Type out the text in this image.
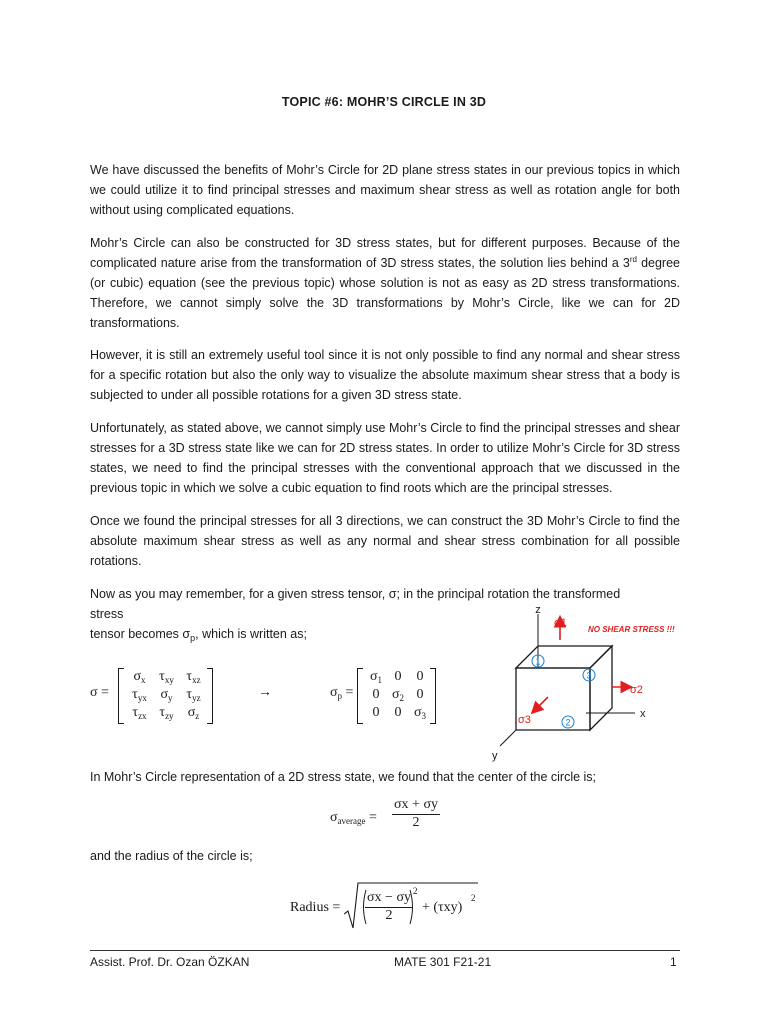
TOPIC #6: MOHR’S CIRCLE IN 3D

We have discussed the benefits of Mohr’s Circle for 2D plane stress states in our previous topics in which we could utilize it to find principal stresses and maximum shear stress as well as rotation angle for both without using complicated equations.

Mohr’s Circle can also be constructed for 3D stress states, but for different purposes. Because of the complicated nature arise from the transformation of 3D stress states, the solution lies behind a 3rd degree (or cubic) equation (see the previous topic) whose solution is not as easy as 2D stress transformations. Therefore, we cannot simply solve the 3D transformations by Mohr’s Circle, like we can for 2D transformations.

However, it is still an extremely useful tool since it is not only possible to find any normal and shear stress for a specific rotation but also the only way to visualize the absolute maximum shear stress that a body is subjected to under all possible rotations for a given 3D stress state.

Unfortunately, as stated above, we cannot simply use Mohr’s Circle to find the principal stresses and shear stresses for a 3D stress state like we can for 2D stress states. In order to utilize Mohr’s Circle for 3D stress states, we need to find the principal stresses with the conventional approach that we discussed in the previous topic in which we solve a cubic equation to find roots which are the principal stresses.

Once we found the principal stresses for all 3 directions, we can construct the 3D Mohr’s Circle to find the absolute maximum shear stress as well as any normal and shear stress combination for all possible rotations.

Now as you may remember, for a given stress tensor, σ; in the principal rotation the transformed stress
tensor becomes $\sigma_p$, which is written as;

σ =
$\sigma_x$ $\tau_{xy}$ $\tau_{xz}$
$\tau_{yx}$ $\sigma_y$ $\tau_{yz}$
$\tau_{zx}$ $\tau_{zy}$	$\sigma_z$
→	$\sigma_p$ =
$\sigma_1$ 0	0
0 $\sigma_2$ 0
0	0 $\sigma_3$
1
2
3
z
x
y
σ1
σ2
σ3
NO SHEAR STRESS !!!

In Mohr’s Circle representation of a 2D stress state, we found that the center of the circle is;

$\sigma_{average} = \frac{\sigma x + \sigma y}{2}$

and the radius of the circle is;

Radius = $\frac{\sigma x - \sigma y}{2} 2$
+ (τxy)
2
Assist. Prof. Dr. Ozan ÖZKAN	MATE 301 F21-21	1
